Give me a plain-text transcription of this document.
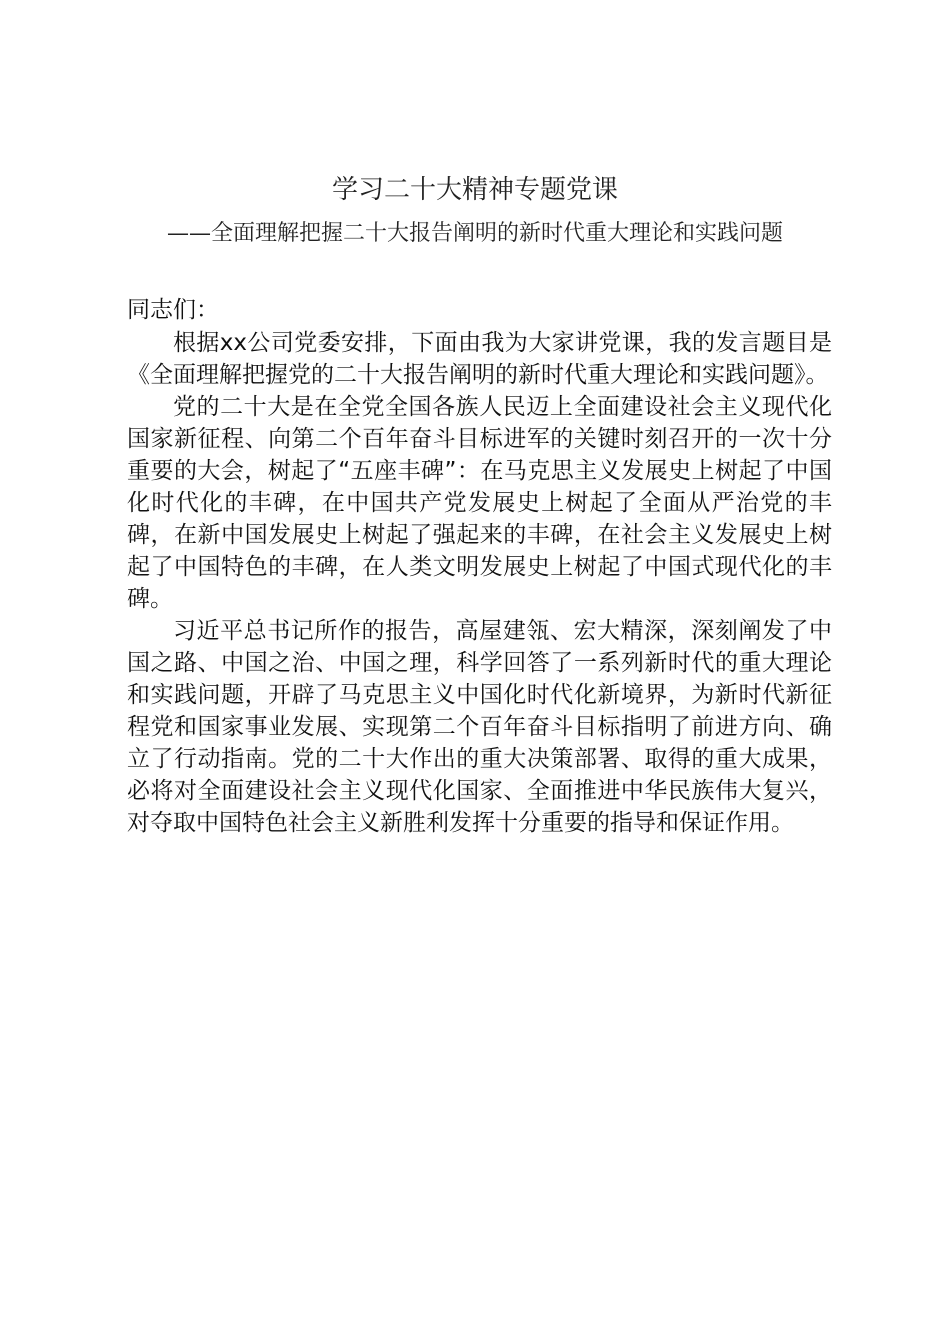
学习二十大精神专题党课
——全面理解把握二十大报告阐明的新时代重大理论和实践问题

同志们：

根据xx公司党委安排，下面由我为大家讲党课，我的发言题目是《全面理解把握党的二十大报告阐明的新时代重大理论和实践问题》。

党的二十大是在全党全国各族人民迈上全面建设社会主义现代化国家新征程、向第二个百年奋斗目标进军的关键时刻召开的一次十分重要的大会，树起了“五座丰碑”：在马克思主义发展史上树起了中国化时代化的丰碑，在中国共产党发展史上树起了全面从严治党的丰碑，在新中国发展史上树起了强起来的丰碑，在社会主义发展史上树起了中国特色的丰碑，在人类文明发展史上树起了中国式现代化的丰碑。

习近平总书记所作的报告，高屋建瓴、宏大精深，深刻阐发了中国之路、中国之治、中国之理，科学回答了一系列新时代的重大理论和实践问题，开辟了马克思主义中国化时代化新境界，为新时代新征程党和国家事业发展、实现第二个百年奋斗目标指明了前进方向、确立了行动指南。党的二十大作出的重大决策部署、取得的重大成果，必将对全面建设社会主义现代化国家、全面推进中华民族伟大复兴，对夺取中国特色社会主义新胜利发挥十分重要的指导和保证作用。
